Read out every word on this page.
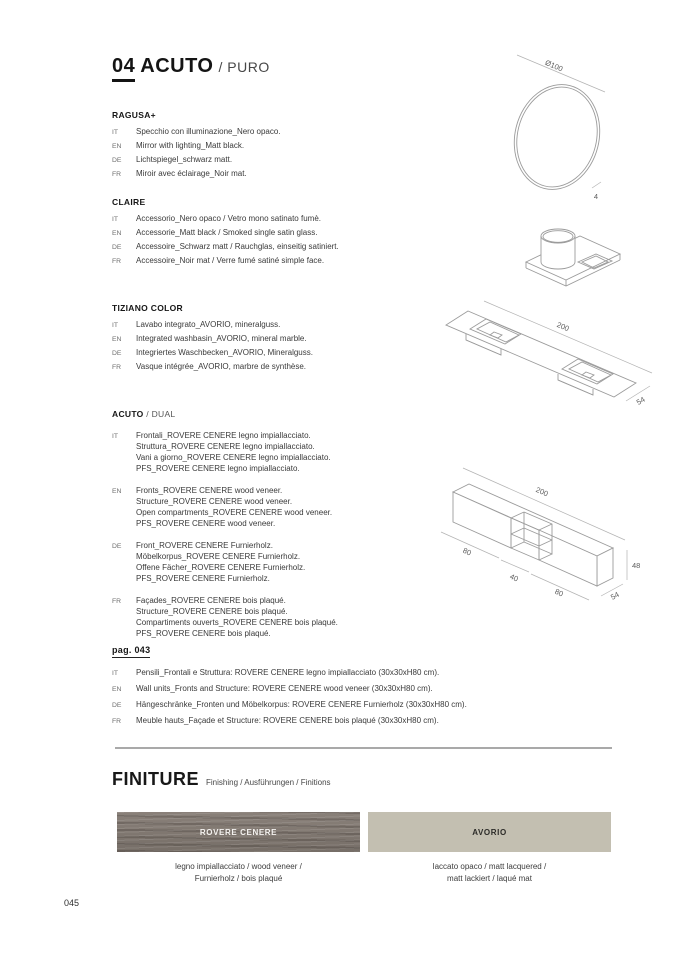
04 ACUTO / PURO
RAGUSA+
IT	Specchio con illuminazione_Nero opaco.
EN	Mirror with lighting_Matt black.
DE	Lichtspiegel_schwarz matt.
FR	Miroir avec éclairage_Noir mat.
CLAIRE
IT	Accessorio_Nero opaco / Vetro mono satinato fumè.
EN	Accessorie_Matt black / Smoked single satin glass.
DE	Accessoire_Schwarz matt / Rauchglas, einseitig satiniert.
FR	Accessoire_Noir mat / Verre fumé satiné simple face.
TIZIANO COLOR
IT	Lavabo integrato_AVORIO, mineralguss.
EN	Integrated washbasin_AVORIO, mineral marble.
DE	Integriertes Waschbecken_AVORIO, Mineralguss.
FR	Vasque intégrée_AVORIO, marbre de synthèse.
ACUTO / DUAL
IT	Frontali_ROVERE CENERE legno impiallacciato.
Struttura_ROVERE CENERE legno impiallacciato.
Vani a giorno_ROVERE CENERE legno impiallacciato.
PFS_ROVERE CENERE legno impiallacciato.
EN	Fronts_ROVERE CENERE wood veneer.
Structure_ROVERE CENERE wood veneer.
Open compartments_ROVERE CENERE wood veneer.
PFS_ROVERE CENERE wood veneer.
DE	Front_ROVERE CENERE Furnierholz.
Möbelkorpus_ROVERE CENERE Furnierholz.
Offene Fächer_ROVERE CENERE Furnierholz.
PFS_ROVERE CENERE Furnierholz.
FR	Façades_ROVERE CENERE bois plaqué.
Structure_ROVERE CENERE bois plaqué.
Compartiments ouverts_ROVERE CENERE bois plaqué.
PFS_ROVERE CENERE bois plaqué.
pag. 043
IT	Pensili_Frontali e Struttura: ROVERE CENERE legno impiallacciato (30x30xH80 cm).
EN	Wall units_Fronts and Structure: ROVERE CENERE wood veneer (30x30xH80 cm).
DE	Hängeschränke_Fronten und Möbelkorpus: ROVERE CENERE Furnierholz (30x30xH80 cm).
FR	Meuble hauts_Façade et Structure: ROVERE CENERE bois plaqué (30x30xH80 cm).
Ø100
4
200
54
200
80
40
80
48
54
FINITURE Finishing / Ausführungen / Finitions
ROVERE CENERE
legno impiallacciato / wood veneer /
Furnierholz / bois plaqué
AVORIO
laccato opaco / matt lacquered /
matt lackiert / laqué mat
045
